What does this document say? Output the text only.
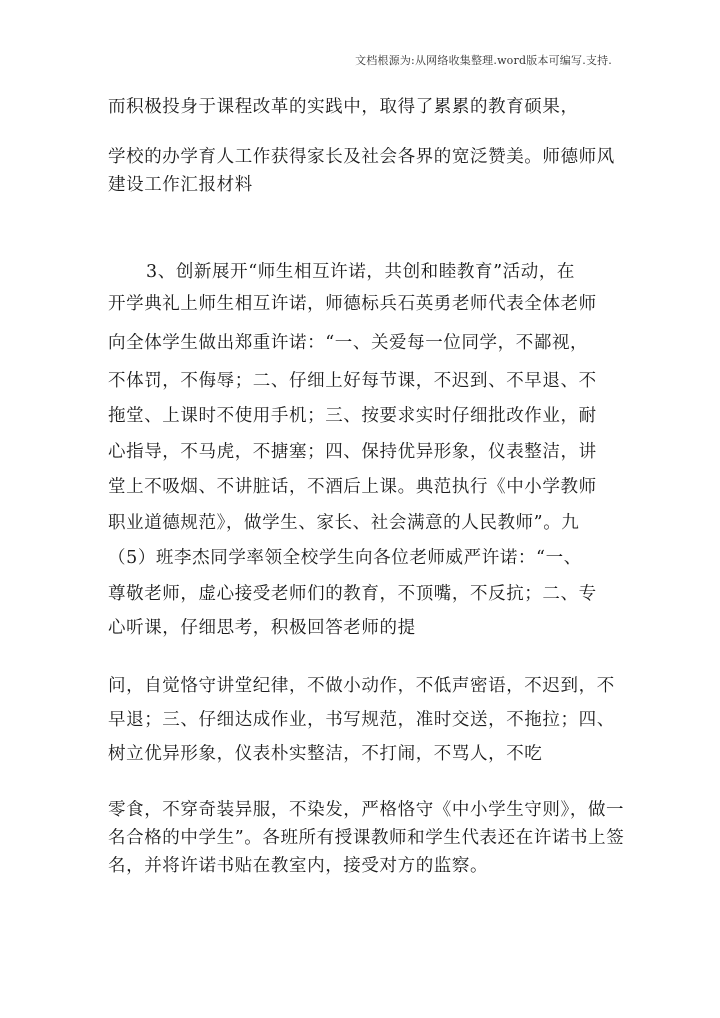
文档根源为:从网络收集整理.word版本可编写.支持.
而积极投身于课程改革的实践中，取得了累累的教育硕果，
学校的办学育人工作获得家长及社会各界的宽泛赞美。师德师风
建设工作汇报材料
3、创新展开“师生相互许诺，共创和睦教育”活动，在
开学典礼上师生相互许诺，师德标兵石英勇老师代表全体老师
向全体学生做出郑重许诺：“一、关爱每一位同学，不鄙视，
不体罚，不侮辱；二、仔细上好每节课，不迟到、不早退、不
拖堂、上课时不使用手机；三、按要求实时仔细批改作业，耐
心指导，不马虎，不搪塞；四、保持优异形象，仪表整洁，讲
堂上不吸烟、不讲脏话，不酒后上课。典范执行《中小学教师
职业道德规范》，做学生、家长、社会满意的人民教师”。九
（5）班李杰同学率领全校学生向各位老师威严许诺：“一、
尊敬老师，虚心接受老师们的教育，不顶嘴，不反抗；二、专
心听课，仔细思考，积极回答老师的提
问，自觉恪守讲堂纪律，不做小动作，不低声密语，不迟到，不
早退；三、仔细达成作业，书写规范，准时交送，不拖拉；四、
树立优异形象，仪表朴实整洁，不打闹，不骂人，不吃
零食，不穿奇装异服，不染发，严格恪守《中小学生守则》，做一
名合格的中学生”。各班所有授课教师和学生代表还在许诺书上签
名，并将许诺书贴在教室内，接受对方的监察。
